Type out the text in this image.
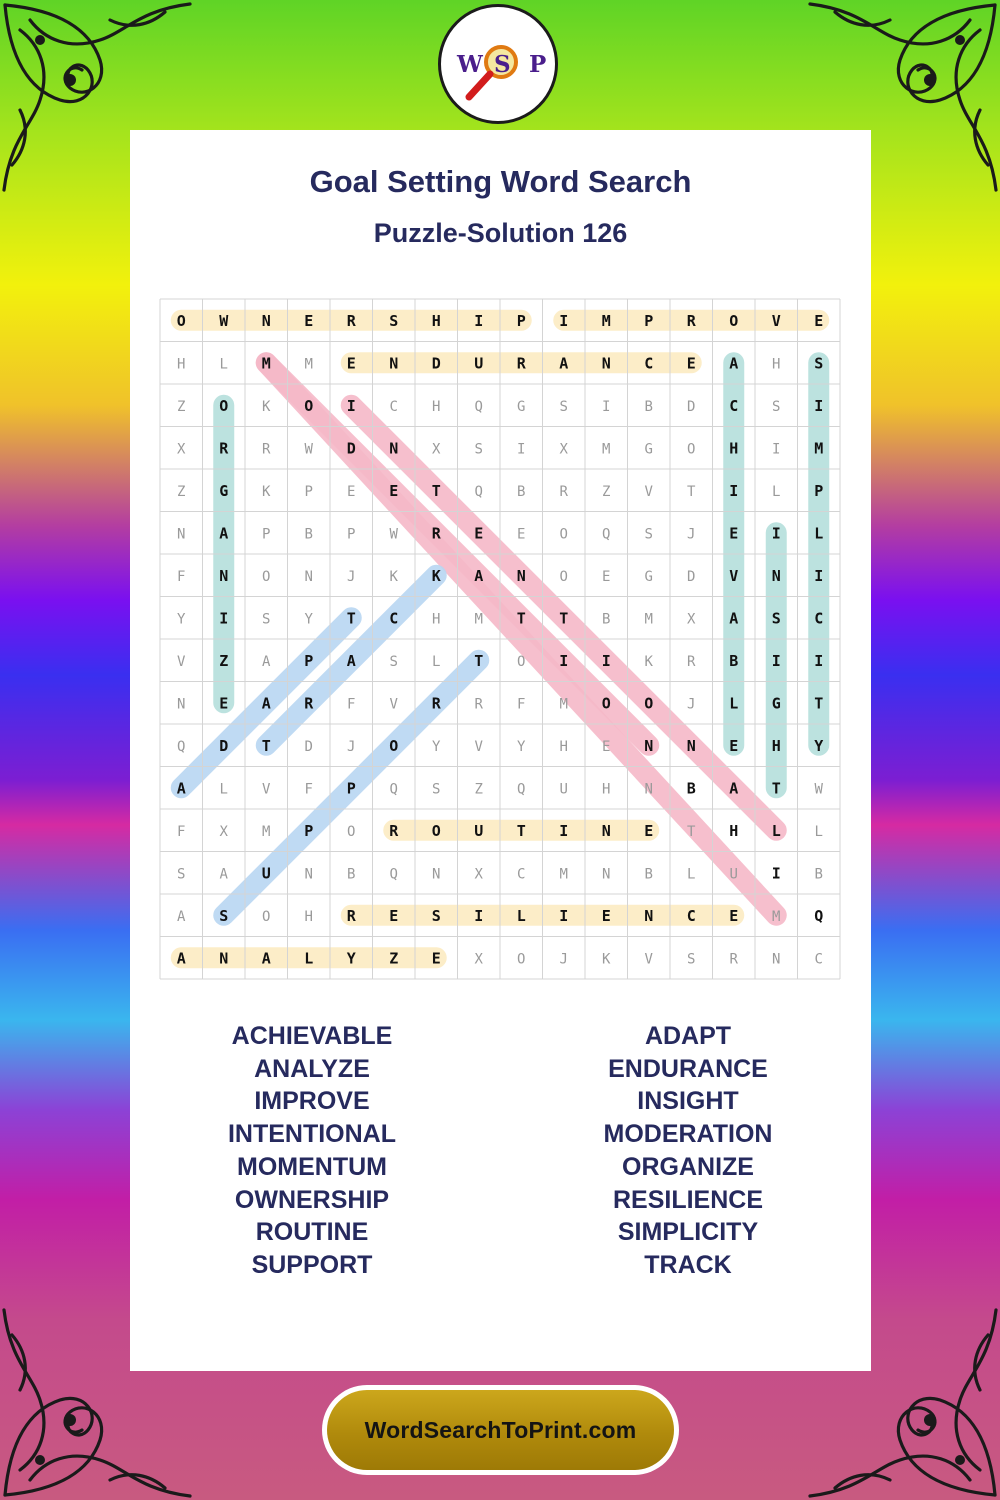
W S P
Goal Setting Word Search
Puzzle-Solution 126
O W N E R S H I P I M P R O V E
H L M M E N D U R A N C E A H S
Z O K O I C H Q G S I B D C S I
X R R W D N X S I X M G O H I M
Z G K P E E T Q B R Z V T I L P
N A P B P W R E E O Q S J E I L
F N O N J K K A N O E G D V N I
Y I S Y T C H M T T B M X A S C
V Z A P A S L T O I I K R B I I
N E A R F V R R F M O O J L G T
Q D T D J O Y V Y H E N N E H Y
A L V F P Q S Z Q U H N B A T W
F X M P O R O U T I N E T H L L
S A U N B Q N X C M N B L U I B
A S O H R E S I L I E N C E M Q
A N A L Y Z E X O J K V S R N C
ACHIEVABLE
ANALYZE
IMPROVE
INTENTIONAL
MOMENTUM
OWNERSHIP
ROUTINE
SUPPORT
ADAPT
ENDURANCE
INSIGHT
MODERATION
ORGANIZE
RESILIENCE
SIMPLICITY
TRACK
WordSearchToPrint.com
